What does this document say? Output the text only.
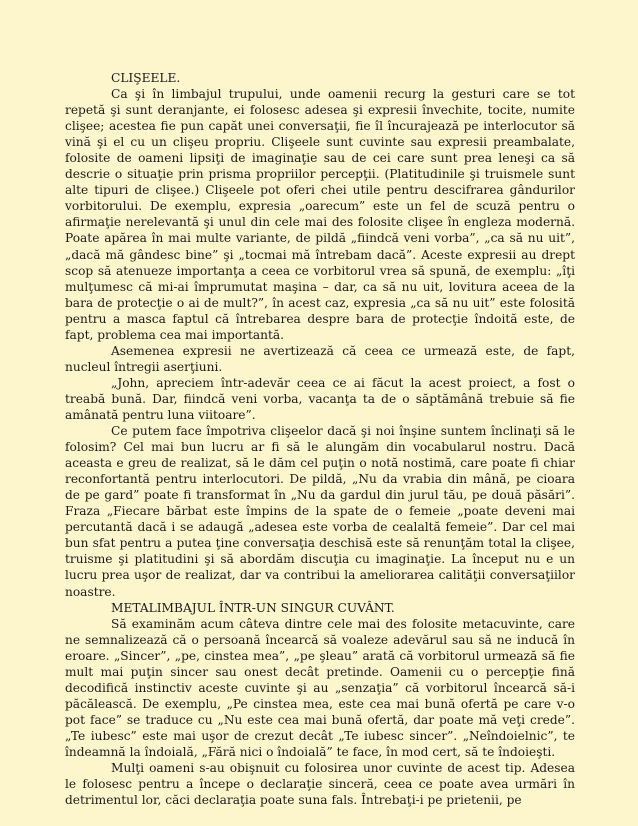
CLIŞEELE.

Ca şi în limbajul trupului, unde oamenii recurg la gesturi care se tot repetă şi sunt deranjante, ei folosesc adesea şi expresii învechite, tocite, numite clişee; acestea fie pun capăt unei conversaţii, fie îl încurajează pe interlocutor să vină şi el cu un clişeu propriu. Clişeele sunt cuvinte sau expresii preambalate, folosite de oameni lipsiţi de imaginaţie sau de cei care sunt prea leneşi ca să descrie o situaţie prin prisma propriilor percepţii. (Platitudinile şi truismele sunt alte tipuri de clişee.) Clişeele pot oferi chei utile pentru descifrarea gândurilor vorbitorului. De exemplu, expresia „oarecum” este un fel de scuză pentru o afirmaţie nerelevantă şi unul din cele mai des folosite clişee în engleza modernă. Poate apărea în mai multe variante, de pildă „fiindcă veni vorba”, „ca să nu uit”, „dacă mă gândesc bine” şi „tocmai mă întrebam dacă”. Aceste expresii au drept scop să atenueze importanţa a ceea ce vorbitorul vrea să spună, de exemplu: „îţi mulţumesc că mi-ai împrumutat maşina – dar, ca să nu uit, lovitura aceea de la bara de protecţie o ai de mult?”, în acest caz, expresia „ca să nu uit” este folosită pentru a masca faptul că întrebarea despre bara de protecţie îndoită este, de fapt, problema cea mai importantă.

Asemenea expresii ne avertizează că ceea ce urmează este, de fapt, nucleul întregii aserţiuni.

„John, apreciem într-adevăr ceea ce ai făcut la acest proiect, a fost o treabă bună. Dar, fiindcă veni vorba, vacanţa ta de o săptămână trebuie să fie amânată pentru luna viitoare”.

Ce putem face împotriva clişeelor dacă şi noi înşine suntem înclinaţi să le folosim? Cel mai bun lucru ar fi să le alungăm din vocabularul nostru. Dacă aceasta e greu de realizat, să le dăm cel puţin o notă nostimă, care poate fi chiar reconfortantă pentru interlocutori. De pildă, „Nu da vrabia din mână, pe cioara de pe gard” poate fi transformat în „Nu da gardul din jurul tău, pe două păsări”. Fraza „Fiecare bărbat este împins de la spate de o femeie „poate deveni mai percutantă dacă i se adaugă „adesea este vorba de cealaltă femeie”. Dar cel mai bun sfat pentru a putea ţine conversaţia deschisă este să renunţăm total la clişee, truisme şi platitudini şi să abordăm discuţia cu imaginaţie. La început nu e un lucru prea uşor de realizat, dar va contribui la ameliorarea calităţii conversaţiilor noastre.

METALIMBAJUL ÎNTR-UN SINGUR CUVÂNT.

Să examinăm acum câteva dintre cele mai des folosite metacuvinte, care ne semnalizează că o persoană încearcă să voaleze adevărul sau să ne inducă în eroare. „Sincer”, „pe, cinstea mea”, „pe şleau” arată că vorbitorul urmează să fie mult mai puţin sincer sau onest decât pretinde. Oamenii cu o percepţie fină decodifică instinctiv aceste cuvinte şi au „senzaţia” că vorbitorul încearcă să-i păcălească. De exemplu, „Pe cinstea mea, este cea mai bună ofertă pe care v-o pot face” se traduce cu „Nu este cea mai bună ofertă, dar poate mă veţi crede”. „Te iubesc” este mai uşor de crezut decât „Te iubesc sincer”. „Neîndoielnic”, te îndeamnă la îndoială, „Fără nici o îndoială” te face, în mod cert, să te îndoieşti.

Mulţi oameni s-au obişnuit cu folosirea unor cuvinte de acest tip. Adesea le folosesc pentru a începe o declaraţie sinceră, ceea ce poate avea urmări în detrimentul lor, căci declaraţia poate suna fals. Întrebaţi-i pe prietenii, pe
